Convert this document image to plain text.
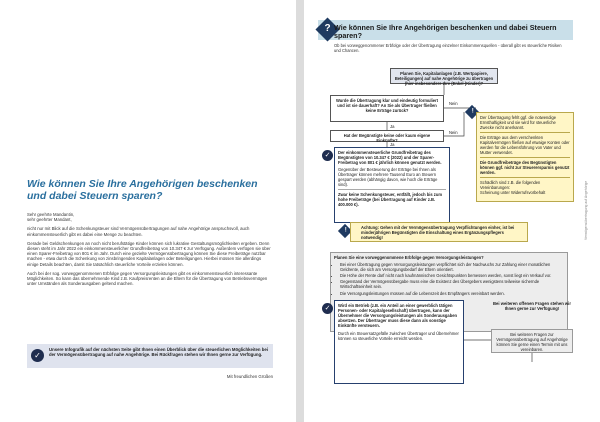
Wie können Sie Ihre Angehörigen beschenken und dabei Steuern sparen?

Sehr geehrte Mandantin,

sehr geehrter Mandant,

nicht nur mit Blick auf die Schenkungsteuer sind Vermögensübertragungen auf nahe Angehörige anspruchsvoll, auch einkommensteuerlich gibt es dabei eine Menge zu beachten.

Gerade bei Geldschenkungen an noch nicht berufstätige Kinder können sich lukrative Gestaltungsmöglichkeiten ergeben. Denn diesen steht im Jahr 2022 ein einkommensteuerlicher Grundfreibetrag von 10.347 € zur Verfügung. Außerdem verfügen sie über einen Sparer-Freibetrag von 801 € im Jahr. Durch eine gezielte Vermögensübertragung können Sie diese Freibeträge nutzbar machen - etwa durch die Schenkung von zinsbringenden Kapitalanlagen oder Beteiligungen. Hierbei müssen Sie allerdings einige Details beachten, damit Sie tatsächlich steuerliche Vorteile erzielen können.

Auch bei der sog. vorweggenommenen Erbfolge gegen Versorgungsleistungen gibt es einkommensteuerlich interessante Möglichkeiten. So kann das übernehmende Kind z.B. Kaufpreisrenten an die Eltern für die Übertragung von Betriebsvermögen unter Umständen als Sonderausgaben geltend machen.

✓
Unsere Infografik auf der nächsten Seite gibt Ihnen einen Überblick über die steuerlichen Möglichkeiten bei der Vermögensübertragung auf nahe Angehörige. Bei Rückfragen stehen wir Ihnen gerne zur Verfügung.
Mit freundlichen Grüßen
? Wie können Sie Ihre Angehörigen beschenken und dabei Steuern sparen?
Ob bei vorweggenommener Erbfolge oder der Übertragung einzelner Einkommensquellen - überall gibt es steuerliche Risiken und Chancen.
Planen Sie, Kapitalanlagen (z.B. Wertpapiere, Beteiligungen) auf nahe Angehörige zu übertragen (hier insbesondere Ihre (Enkel-)Kinder)?
Wurde die Übertragung klar und eindeutig formuliert und ist sie dauerhaft? An Sie als Übertrager fließen keine Erträge zurück?
Nein
Ja
Hat der Begünstigte keine oder kaum eigene Einkünfte?
Nein
Ja
✓	Der einkommensteuerliche Grundfreibetrag des Begünstigten von 10.347 € (2022) und der Sparer-Freibetrag von 801 € jährlich können genutzt werden.
Gegenüber der Besteuerung der Erträge bei Ihnen als Übertrager können mehrere Tausend Euro an Steuern gespart werden (abhängig davon, wie hoch die Erträge sind).
Zwar keine Schenkungsteuer, entfällt, jedoch bis zum hohe Freibeträge (bei Übertragung auf Kinder z.B. 400.000 €).
!
Der Übertragung fehlt ggf. die notwendige Ernsthaftigkeit und sie wird für steuerliche Zwecke nicht anerkannt.
Die Erträge aus dem verschenkten Kapitalvermögen fließen auf etwaige Konten oder werden für die Lebensführung von Vater und Mutter verwendet.
Die Grundfreibeträge des Begünstigten können ggf. nicht zur Steuerersparnis genutzt werden.
Schädlich sind z.B. die folgenden Vereinbarungen:
Scheinung unter Widerrufsvorbehalt
!	Achtung: Gehen mit der Vermögensübertragung Verpflichtungen einher, ist bei minderjährigen Begünstigten die Einschaltung eines Ergänzungspflegers notwendig!
Planen Sie eine vorweggenommene Erbfolge gegen Versorgungsleistungen?
• Bei einer Übertragung gegen Versorgungsleistungen verpflichtet sich der Nachwuchs zur Zahlung einer monatlichen Geldrente, die sich am Versorgungsbedarf der Eltern orientiert.
• Die Höhe der Rente darf nicht nach kaufmännischen Gesichtspunkten bemessen werden, sonst liegt ein Verkauf vor.
• Gegenstand der Vermögensübergabe muss eine die Existenz des Übergebers wenigstens teilweise sichernde Wirtschaftseinheit sein.
• Die Versorgungsleistungen müssen auf die Lebenszeit des Empfängers vereinbart werden.
✓	Wird ein Betrieb (z.B. ein Anteil an einer gewerblich tätigen Personen- oder Kapitalgesellschaft) übertragen, kann der Übernehmer die Versorgungsleistungen als Sonderausgaben absetzen. Der Übertrager muss diese dann als sonstige Einkünfte versteuern.
Durch ein Steuersatzgefälle zwischen Übertrager und Übernehmer können so steuerliche Vorteile erreicht werden.
Bei weiteren offenen Fragen stehen wir Ihnen gerne zur Verfügung!
Bei weiteren Fragen zur Vermögensübertragung auf Angehörige können Sie gerne einen Termin mit uns vereinbaren.
Vermögensübertragung auf Angehörige
